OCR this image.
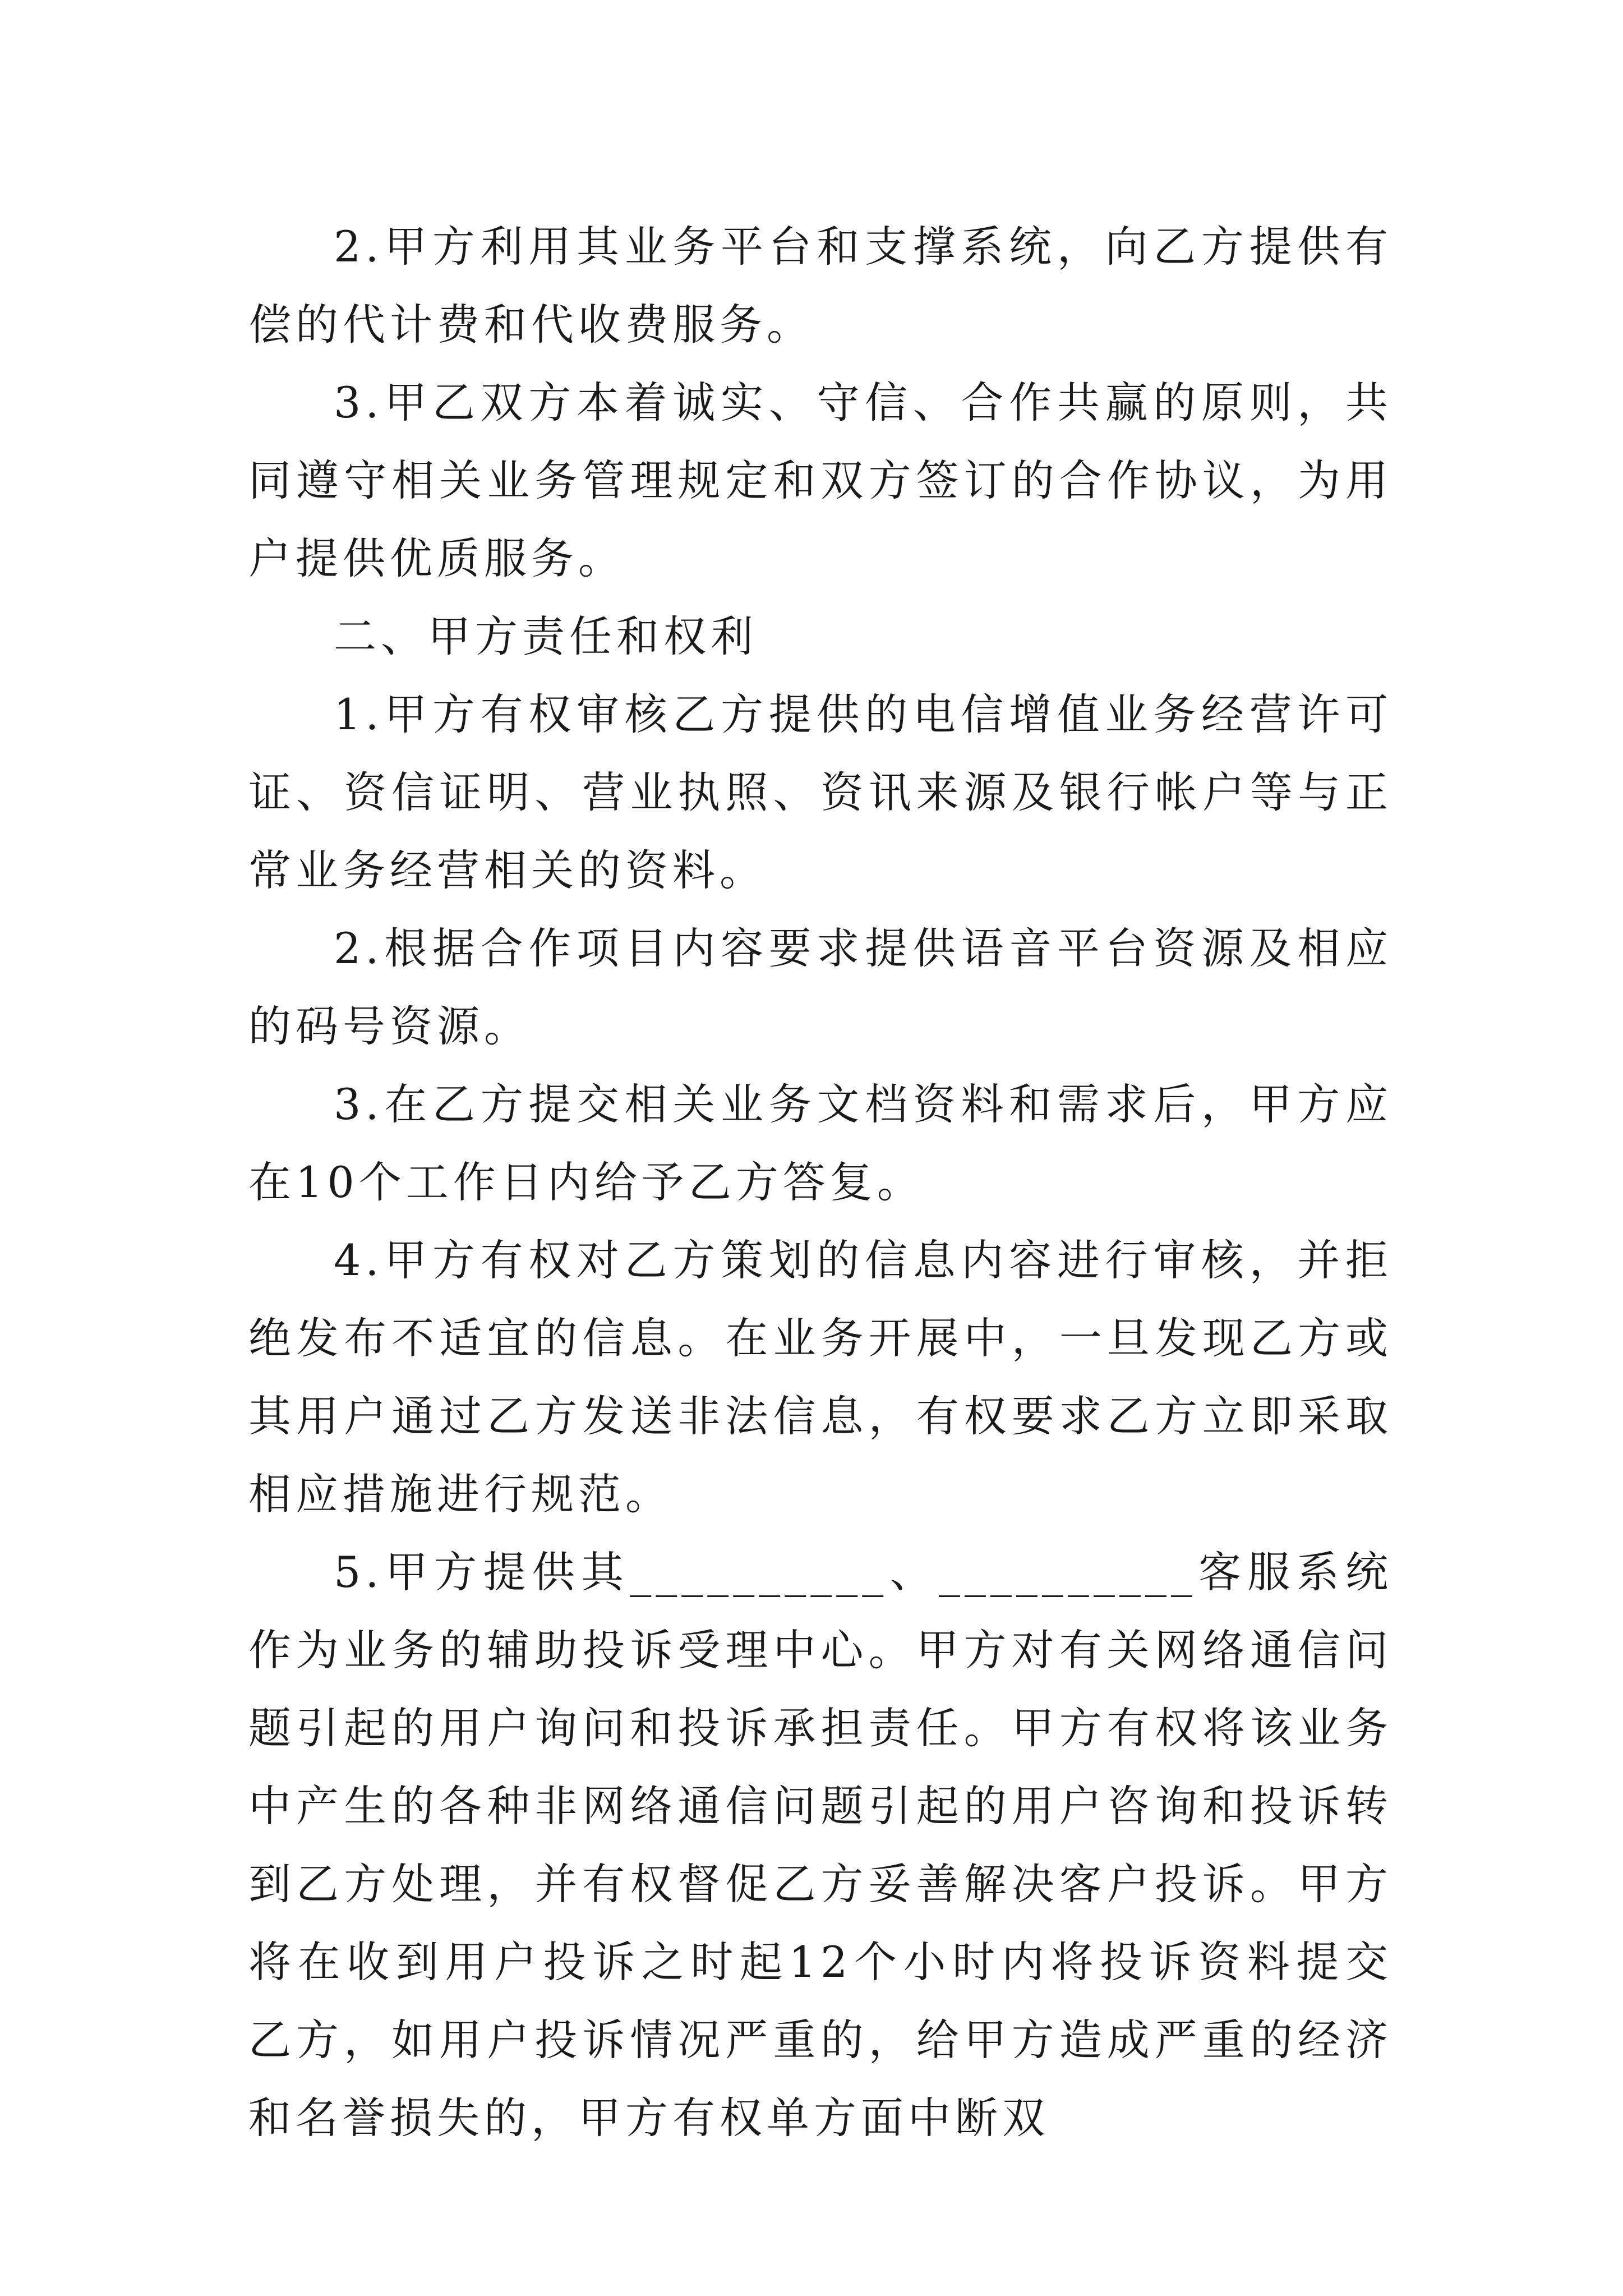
2.甲方利用其业务平台和支撑系统，向乙方提供有偿的代计费和代收费服务。

3.甲乙双方本着诚实、守信、合作共赢的原则，共同遵守相关业务管理规定和双方签订的合作协议，为用户提供优质服务。

二、甲方责任和权利

1.甲方有权审核乙方提供的电信增值业务经营许可证、资信证明、营业执照、资讯来源及银行帐户等与正常业务经营相关的资料。

2.根据合作项目内容要求提供语音平台资源及相应的码号资源。

3.在乙方提交相关业务文档资料和需求后，甲方应在10个工作日内给予乙方答复。

4.甲方有权对乙方策划的信息内容进行审核，并拒绝发布不适宜的信息。在业务开展中，一旦发现乙方或其用户通过乙方发送非法信息，有权要求乙方立即采取相应措施进行规范。

5.甲方提供其__________、__________客服系统作为业务的辅助投诉受理中心。甲方对有关网络通信问题引起的用户询问和投诉承担责任。甲方有权将该业务中产生的各种非网络通信问题引起的用户咨询和投诉转到乙方处理，并有权督促乙方妥善解决客户投诉。甲方将在收到用户投诉之时起12个小时内将投诉资料提交乙方，如用户投诉情况严重的，给甲方造成严重的经济和名誉损失的，甲方有权单方面中断双
